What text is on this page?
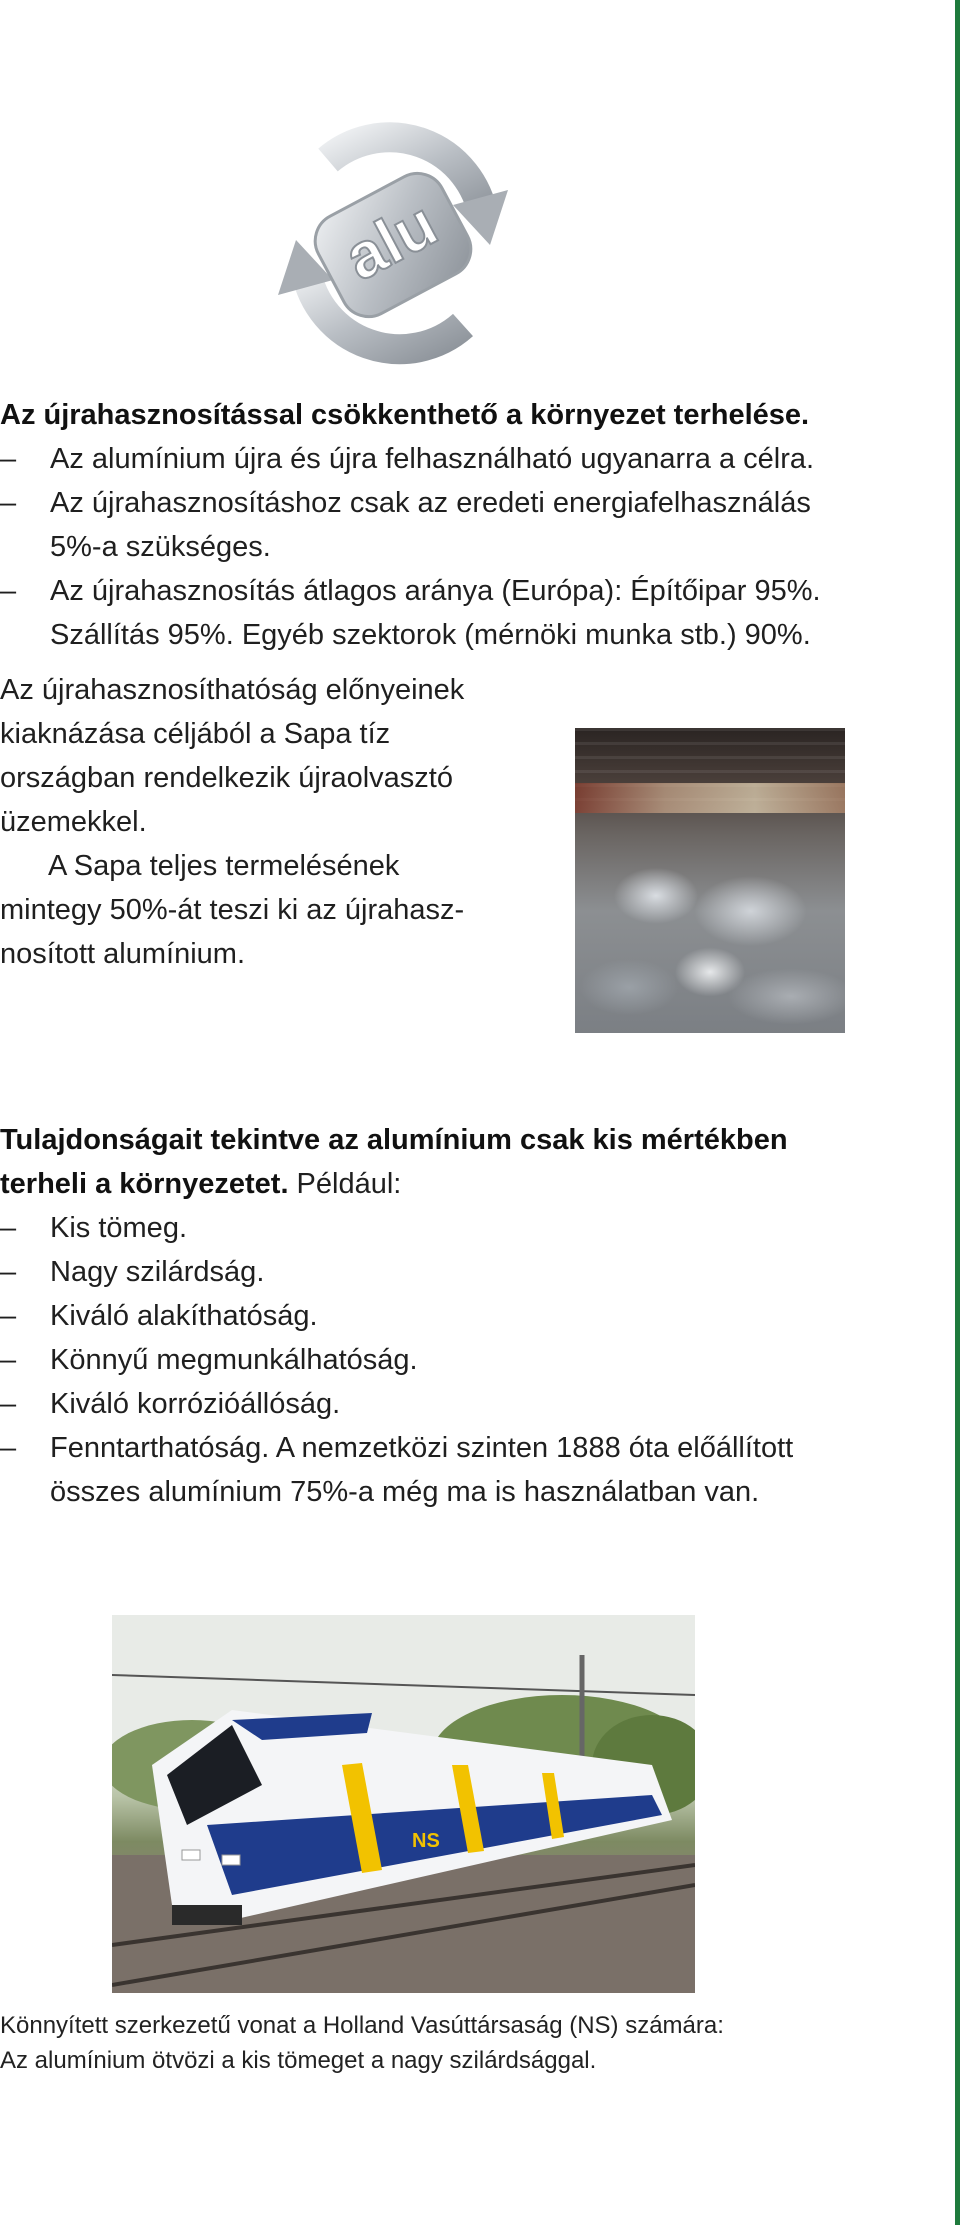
alu
Az újrahasznosítással csökkenthető a környezet terhelése.
–	Az alumínium újra és újra felhasználható ugyanarra a célra.
–	Az újrahasznosításhoz csak az eredeti energiafelhasználás
5%-a szükséges.
–	Az újrahasznosítás átlagos aránya (Európa): Építőipar 95%.
Szállítás 95%. Egyéb szektorok (mérnöki munka stb.) 90%.

Az újrahasznosíthatóság előnyeinek

kiaknázása céljából a Sapa tíz

országban rendelkezik újraolvasztó

üzemekkel.

A Sapa teljes termelésének

mintegy 50%-át teszi ki az újrahasz-

nosított alumínium.

Tulajdonságait tekintve az alumínium csak kis mértékben
terheli a környezetet. Például:
–	Kis tömeg.
–	Nagy szilárdság.
–	Kiváló alakíthatóság.
–	Könnyű megmunkálhatóság.
–	Kiváló korrózióállóság.
–	Fenntarthatóság. A nemzetközi szinten 1888 óta előállított
összes alumínium 75%-a még ma is használatban van.
NS
Könnyített szerkezetű vonat a Holland Vasúttársaság (NS) számára:
Az alumínium ötvözi a kis tömeget a nagy szilárdsággal.
